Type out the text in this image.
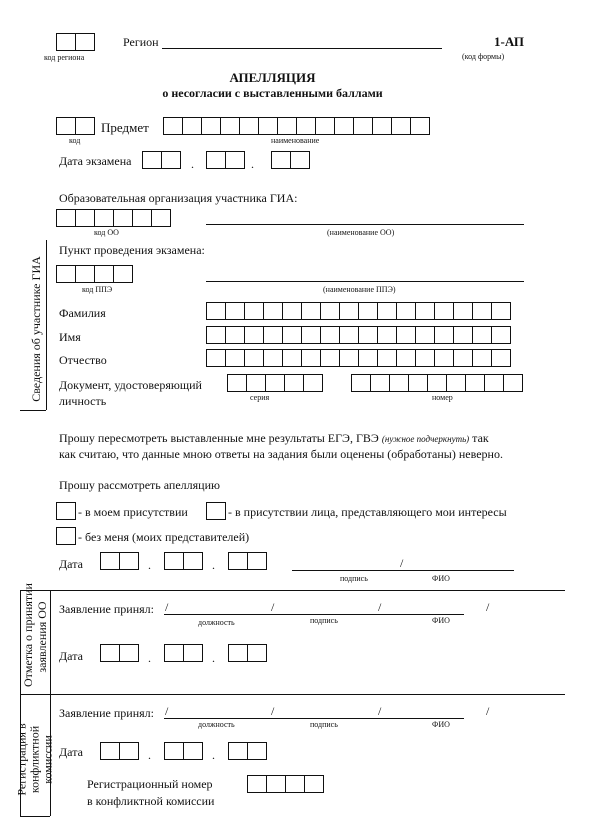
код региона
Регион	1-АП
(код формы)
АПЕЛЛЯЦИЯ
о несогласии с выставленными баллами
Предмет
код	наименование
Дата экзамена	.	.
Образовательная организация участника ГИА:
код ОО	(наименование ОО)
Пункт проведения экзамена:
код ППЭ	(наименование ППЭ)
Сведения об участнике ГИА Фамилия
Имя
Отчество
Документ, удостоверяющий
личность	серия	номер
Прошу пересмотреть выставленные мне результаты ЕГЭ, ГВЭ (нужное подчеркнуть) так
как считаю, что данные мною ответы на задания были оценены (обработаны) неверно.
Прошу рассмотреть апелляцию
- в моем присутствии	- в присутствии лица, представляющего мои интересы
- без меня (моих представителей)
Дата	.	.	/
подпись	ФИО
Отметка о принятии заявления ОО Заявление принял: /	/	/	/
должность	подпись	ФИО
Дата	.	.
Регистрация в конфликтной комиссии
Заявление принял: /	/	/	/
должность	подпись	ФИО
Дата	.	.
Регистрационный номер
в конфликтной комиссии
